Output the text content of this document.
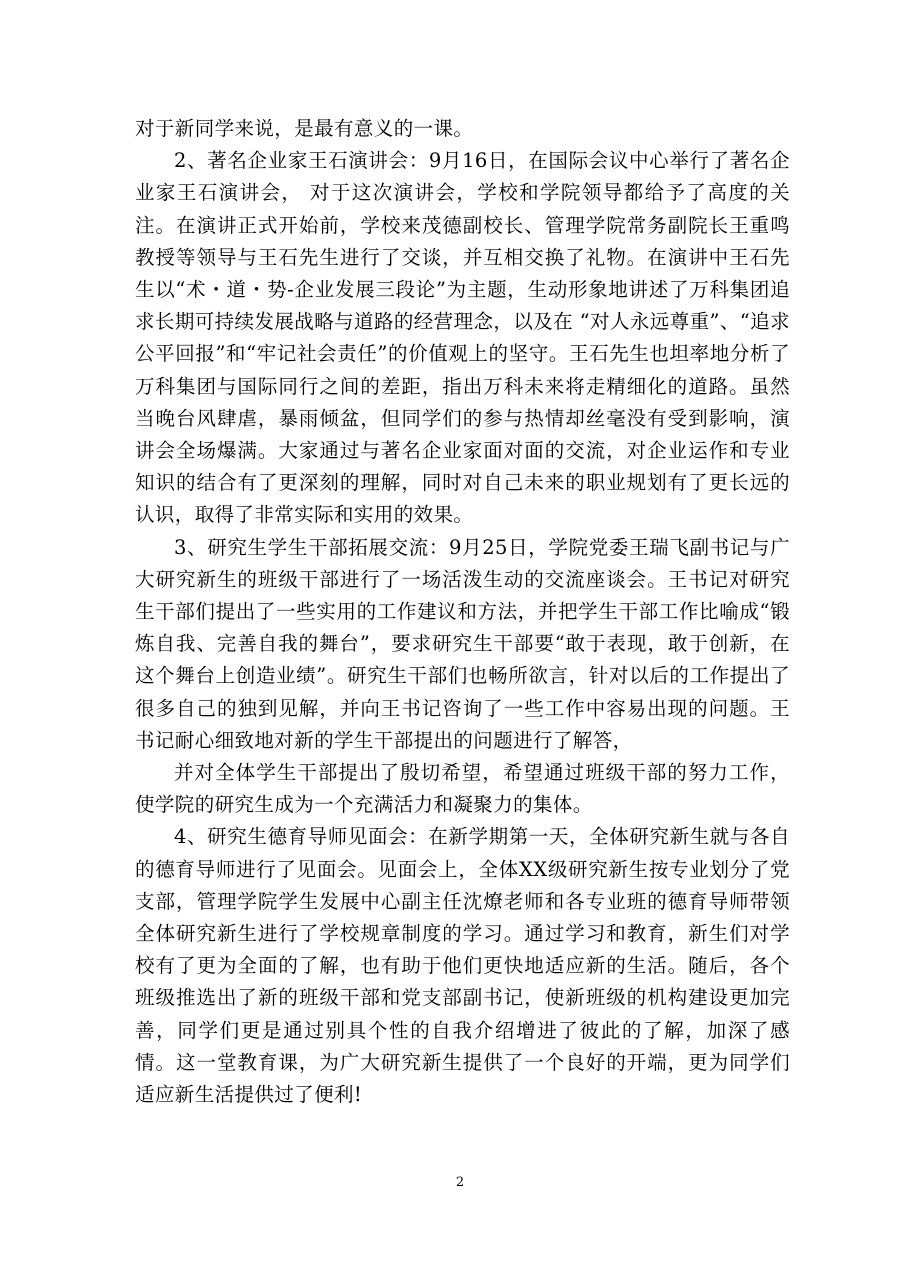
对于新同学来说，是最有意义的一课。

2、著名企业家王石演讲会：9月16日，在国际会议中心举行了著名企业家王石演讲会， 对于这次演讲会，学校和学院领导都给予了高度的关注。在演讲正式开始前，学校来茂德副校长、管理学院常务副院长王重鸣教授等领导与王石先生进行了交谈，并互相交换了礼物。在演讲中王石先生以“术・道・势-企业发展三段论”为主题，生动形象地讲述了万科集团追求长期可持续发展战略与道路的经营理念，以及在 “对人永远尊重”、“追求公平回报”和“牢记社会责任”的价值观上的坚守。王石先生也坦率地分析了万科集团与国际同行之间的差距，指出万科未来将走精细化的道路。虽然当晚台风肆虐，暴雨倾盆，但同学们的参与热情却丝毫没有受到影响，演讲会全场爆满。大家通过与著名企业家面对面的交流，对企业运作和专业知识的结合有了更深刻的理解，同时对自己未来的职业规划有了更长远的认识，取得了非常实际和实用的效果。

3、研究生学生干部拓展交流：9月25日，学院党委王瑞飞副书记与广大研究新生的班级干部进行了一场活泼生动的交流座谈会。王书记对研究生干部们提出了一些实用的工作建议和方法，并把学生干部工作比喻成“锻炼自我、完善自我的舞台”，要求研究生干部要“敢于表现，敢于创新，在这个舞台上创造业绩”。研究生干部们也畅所欲言，针对以后的工作提出了很多自己的独到见解，并向王书记咨询了一些工作中容易出现的问题。王书记耐心细致地对新的学生干部提出的问题进行了解答，

并对全体学生干部提出了殷切希望，希望通过班级干部的努力工作，使学院的研究生成为一个充满活力和凝聚力的集体。

4、研究生德育导师见面会：在新学期第一天，全体研究新生就与各自的德育导师进行了见面会。见面会上，全体XX级研究新生按专业划分了党支部，管理学院学生发展中心副主任沈燎老师和各专业班的德育导师带领全体研究新生进行了学校规章制度的学习。通过学习和教育，新生们对学校有了更为全面的了解，也有助于他们更快地适应新的生活。随后，各个班级推选出了新的班级干部和党支部副书记，使新班级的机构建设更加完善，同学们更是通过别具个性的自我介绍增进了彼此的了解，加深了感情。这一堂教育课，为广大研究新生提供了一个良好的开端，更为同学们适应新生活提供过了便利!

2
